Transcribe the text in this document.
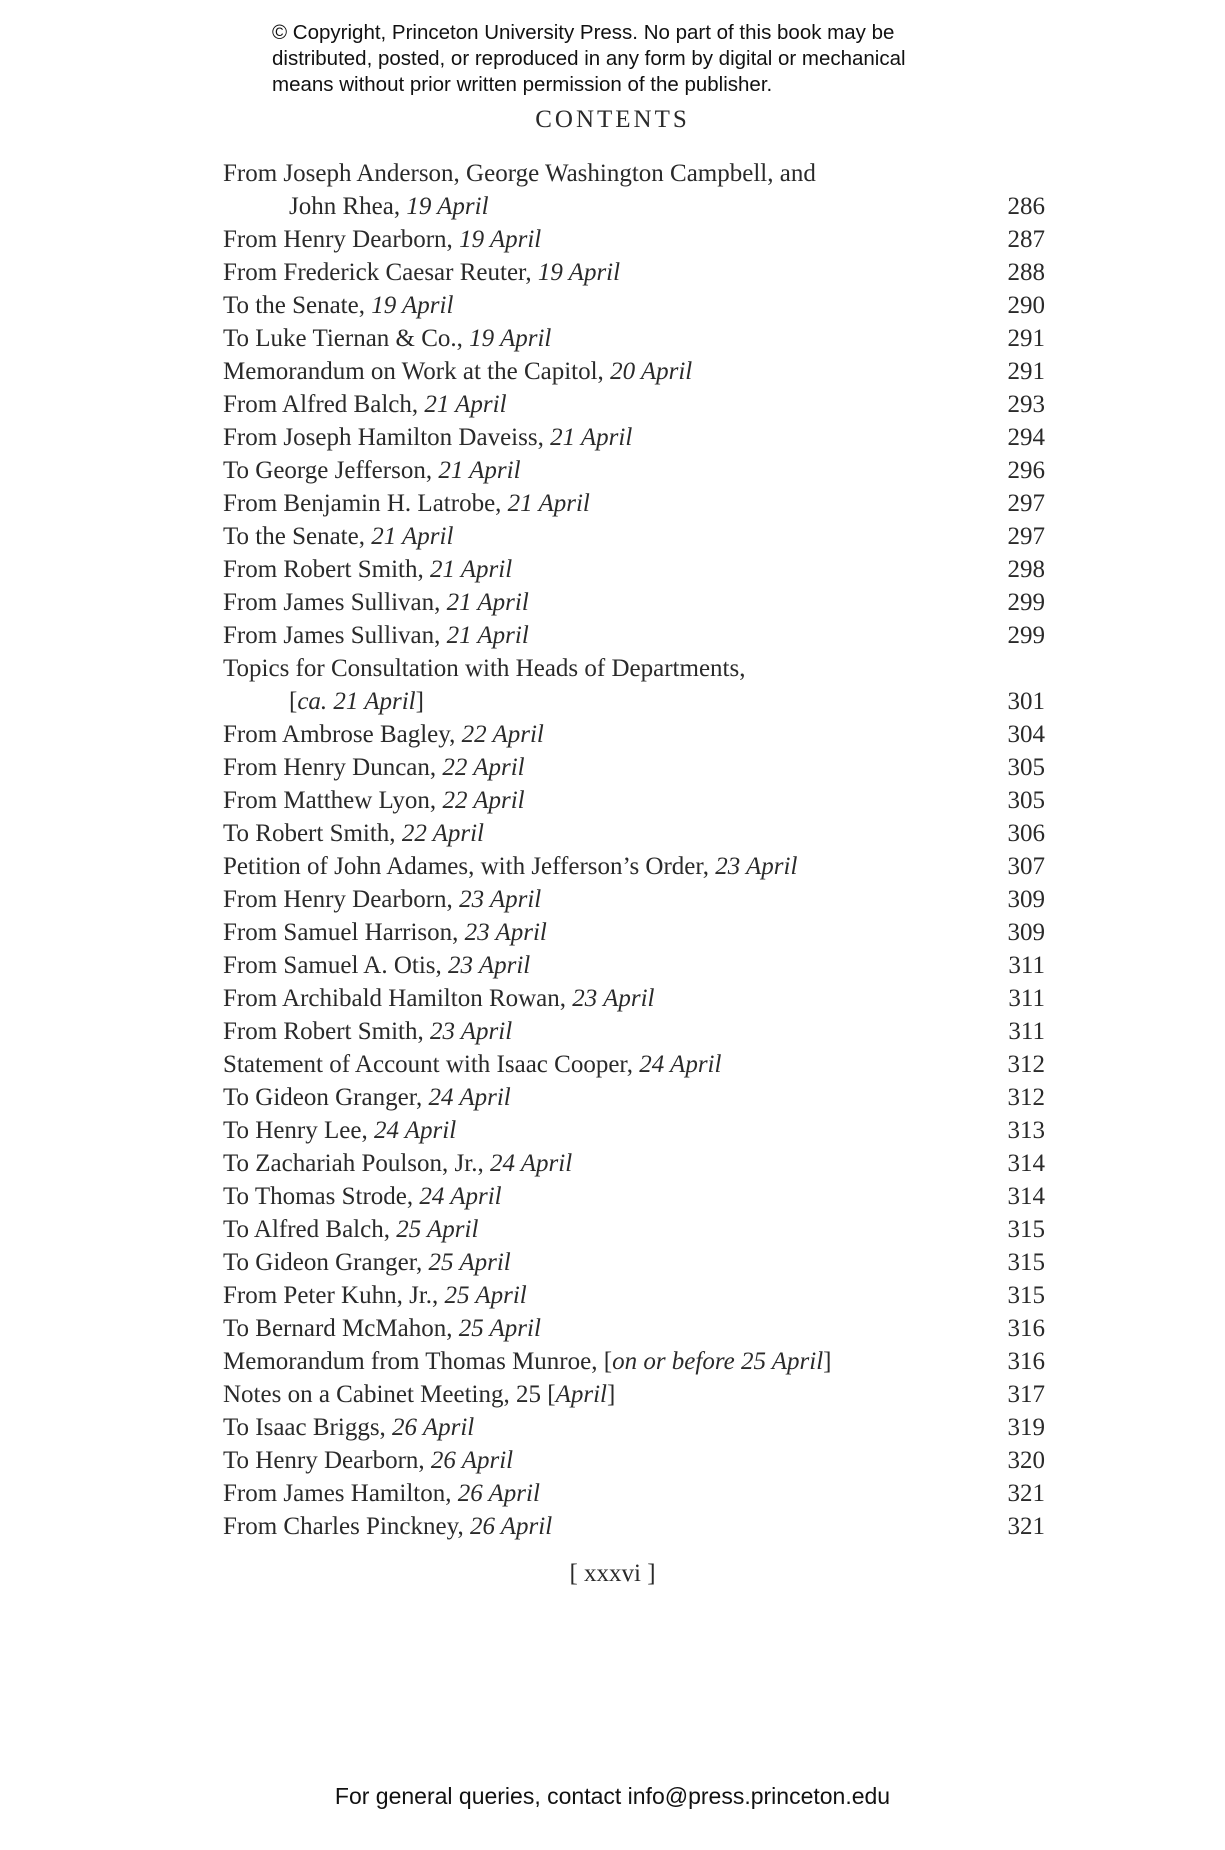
© Copyright, Princeton University Press. No part of this book may be
distributed, posted, or reproduced in any form by digital or mechanical
means without prior written permission of the publisher.
CONTENTS
From Joseph Anderson, George Washington Campbell, and
John Rhea, 19 April	286
From Henry Dearborn, 19 April	287
From Frederick Caesar Reuter, 19 April	288
To the Senate, 19 April	290
To Luke Tiernan & Co., 19 April	291
Memorandum on Work at the Capitol, 20 April	291
From Alfred Balch, 21 April	293
From Joseph Hamilton Daveiss, 21 April	294
To George Jefferson, 21 April	296
From Benjamin H. Latrobe, 21 April	297
To the Senate, 21 April	297
From Robert Smith, 21 April	298
From James Sullivan, 21 April	299
From James Sullivan, 21 April	299
Topics for Consultation with Heads of Departments,
[ca. 21 April]	301
From Ambrose Bagley, 22 April	304
From Henry Duncan, 22 April	305
From Matthew Lyon, 22 April	305
To Robert Smith, 22 April	306
Petition of John Adames, with Jefferson’s Order, 23 April	307
From Henry Dearborn, 23 April	309
From Samuel Harrison, 23 April	309
From Samuel A. Otis, 23 April	311
From Archibald Hamilton Rowan, 23 April	311
From Robert Smith, 23 April	311
Statement of Account with Isaac Cooper, 24 April	312
To Gideon Granger, 24 April	312
To Henry Lee, 24 April	313
To Zachariah Poulson, Jr., 24 April	314
To Thomas Strode, 24 April	314
To Alfred Balch, 25 April	315
To Gideon Granger, 25 April	315
From Peter Kuhn, Jr., 25 April	315
To Bernard McMahon, 25 April	316
Memorandum from Thomas Munroe, [on or before 25 April]	316
Notes on a Cabinet Meeting, 25 [April]	317
To Isaac Briggs, 26 April	319
To Henry Dearborn, 26 April	320
From James Hamilton, 26 April	321
From Charles Pinckney, 26 April	321
[ xxxvi ]
For general queries, contact info@press.princeton.edu
